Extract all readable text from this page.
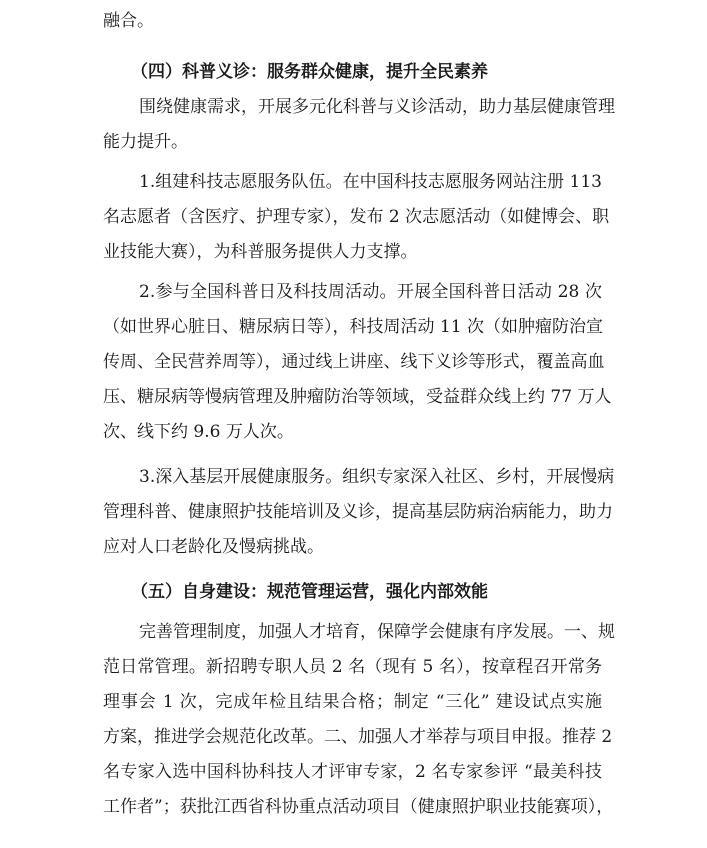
融合。
（四）科普义诊：服务群众健康，提升全民素养
围绕健康需求，开展多元化科普与义诊活动，助力基层健康管理
能力提升。
1.组建科技志愿服务队伍。在中国科技志愿服务网站注册 113
名志愿者（含医疗、护理专家），发布 2 次志愿活动（如健博会、职
业技能大赛），为科普服务提供人力支撑。
2.参与全国科普日及科技周活动。开展全国科普日活动 28 次
（如世界心脏日、糖尿病日等），科技周活动 11 次（如肿瘤防治宣
传周、全民营养周等），通过线上讲座、线下义诊等形式，覆盖高血
压、糖尿病等慢病管理及肿瘤防治等领域，受益群众线上约 77 万人
次、线下约 9.6 万人次。
3.深入基层开展健康服务。组织专家深入社区、乡村，开展慢病
管理科普、健康照护技能培训及义诊，提高基层防病治病能力，助力
应对人口老龄化及慢病挑战。
（五）自身建设：规范管理运营，强化内部效能
完善管理制度，加强人才培育，保障学会健康有序发展。一、规
范日常管理。新招聘专职人员 2 名（现有 5 名），按章程召开常务
理事会 1 次，完成年检且结果合格；制定 “三化” 建设试点实施
方案，推进学会规范化改革。二、加强人才举荐与项目申报。推荐 2
名专家入选中国科协科技人才评审专家，2 名专家参评 “最美科技
工作者”；获批江西省科协重点活动项目（健康照护职业技能赛项），
